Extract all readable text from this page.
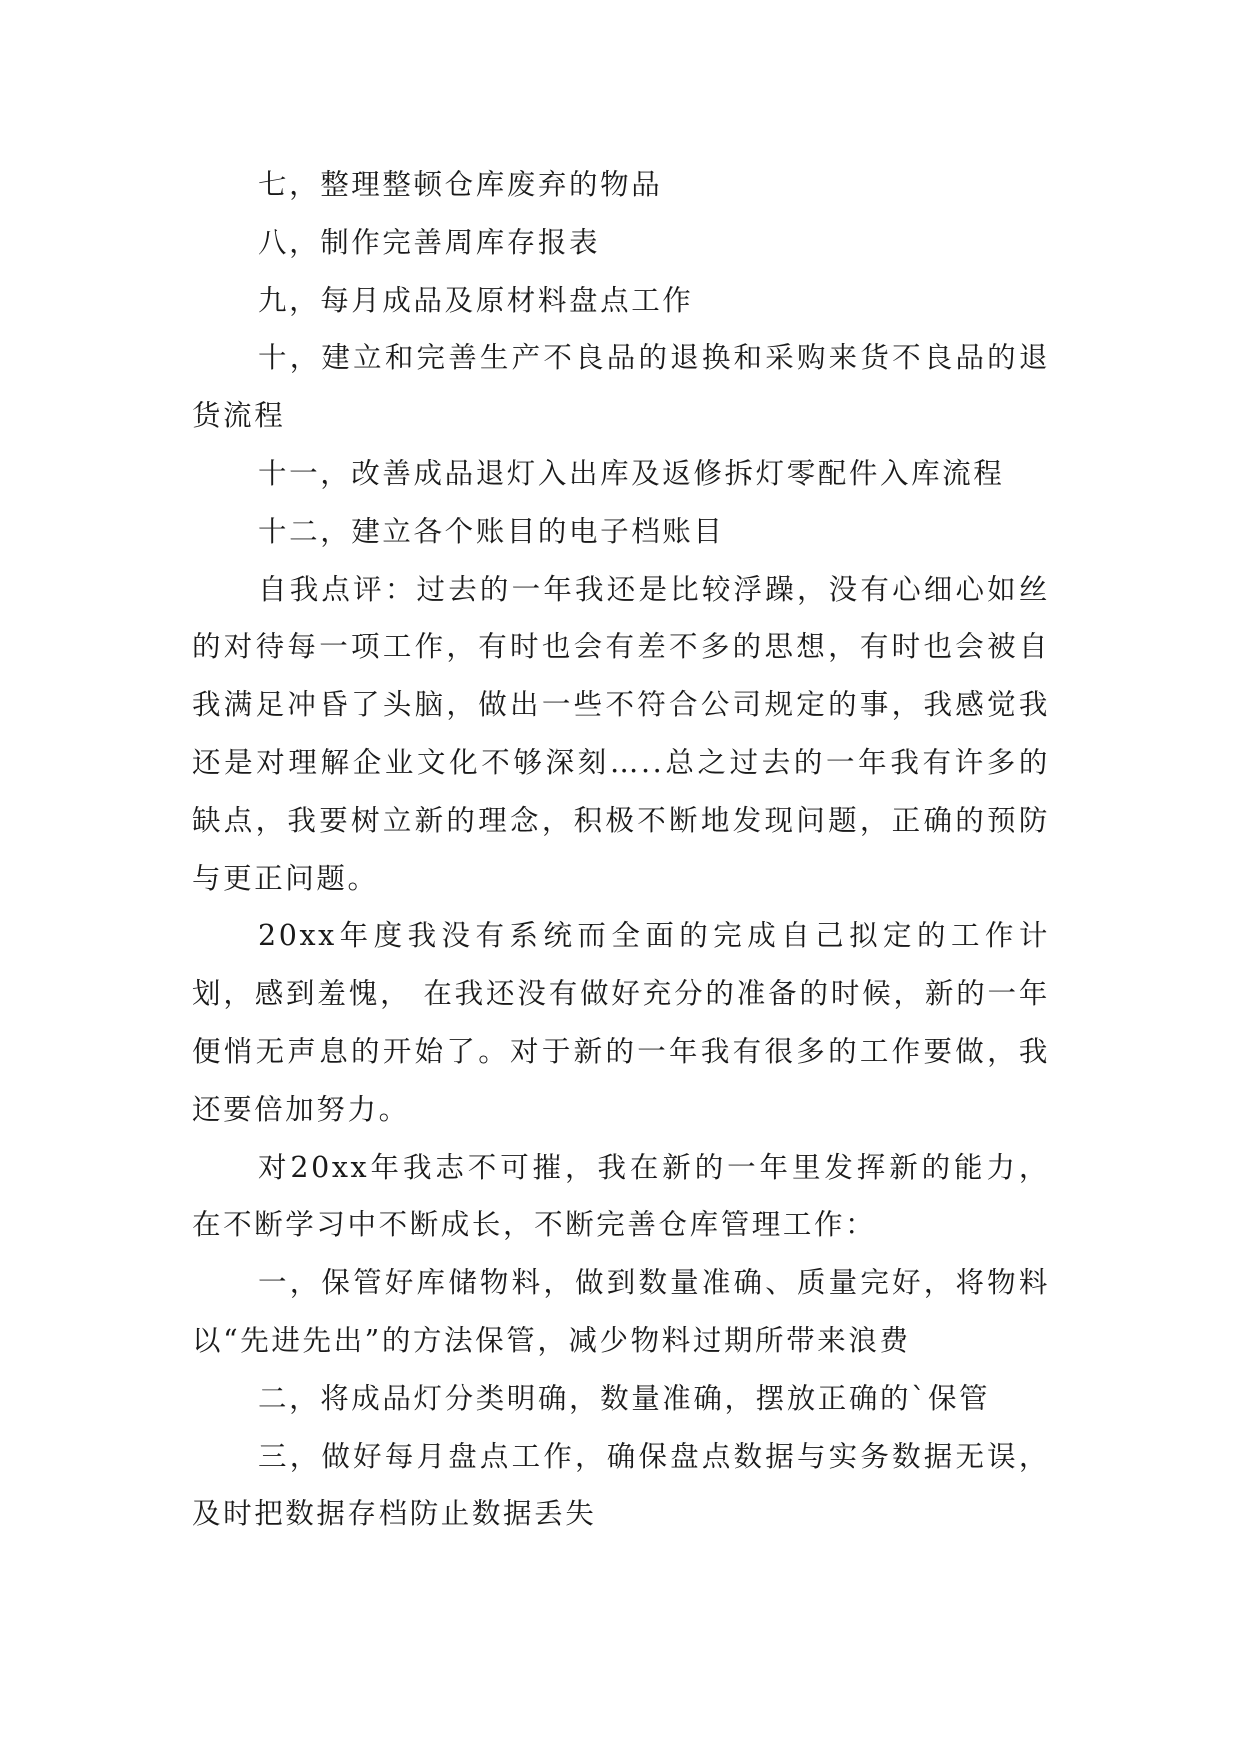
七，整理整顿仓库废弃的物品

八，制作完善周库存报表

九，每月成品及原材料盘点工作

十，建立和完善生产不良品的退换和采购来货不良品的退货流程

十一，改善成品退灯入出库及返修拆灯零配件入库流程

十二，建立各个账目的电子档账目

自我点评：过去的一年我还是比较浮躁，没有心细心如丝的对待每一项工作，有时也会有差不多的思想，有时也会被自我满足冲昏了头脑，做出一些不符合公司规定的事，我感觉我还是对理解企业文化不够深刻…..总之过去的一年我有许多的缺点，我要树立新的理念，积极不断地发现问题，正确的预防与更正问题。

20xx年度我没有系统而全面的完成自己拟定的工作计划，感到羞愧， 在我还没有做好充分的准备的时候，新的一年便悄无声息的开始了。对于新的一年我有很多的工作要做，我还要倍加努力。

对20xx年我志不可摧，我在新的一年里发挥新的能力，在不断学习中不断成长，不断完善仓库管理工作：

一，保管好库储物料，做到数量准确、质量完好，将物料以“先进先出”的方法保管，减少物料过期所带来浪费

二，将成品灯分类明确，数量准确，摆放正确的`保管

三，做好每月盘点工作，确保盘点数据与实务数据无误，及时把数据存档防止数据丢失
